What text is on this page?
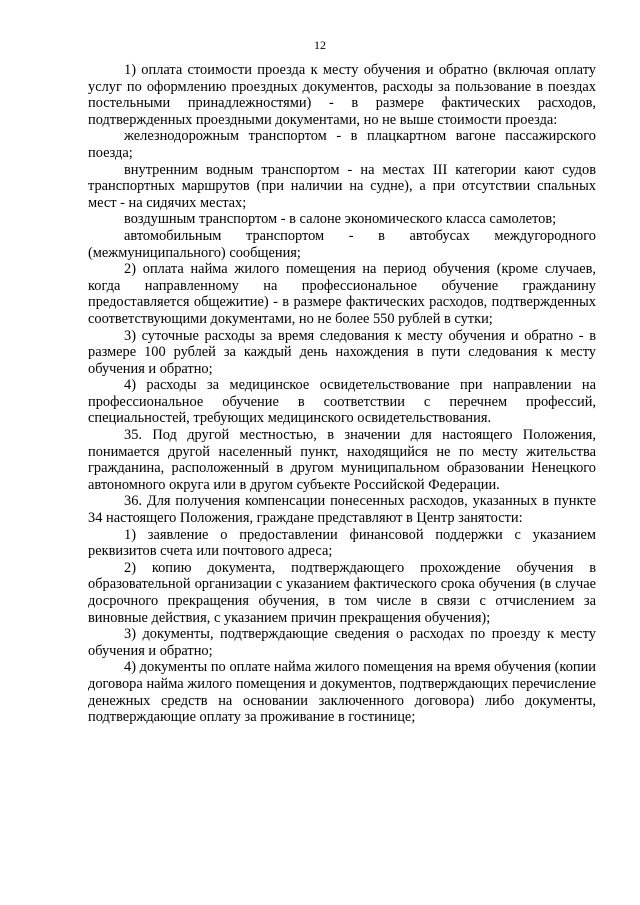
12

1) оплата стоимости проезда к месту обучения и обратно (включая оплату услуг по оформлению проездных документов, расходы за пользование в поездах постельными принадлежностями) - в размере фактических расходов, подтвержденных проездными документами, но не выше стоимости проезда:

железнодорожным транспортом - в плацкартном вагоне пассажирского поезда;

внутренним водным транспортом - на местах III категории кают судов транспортных маршрутов (при наличии на судне), а при отсутствии спальных мест - на сидячих местах;

воздушным транспортом - в салоне экономического класса самолетов;

автомобильным транспортом - в автобусах междугородного (межмуниципального) сообщения;

2) оплата найма жилого помещения на период обучения (кроме случаев, когда направленному на профессиональное обучение гражданину предоставляется общежитие) - в размере фактических расходов, подтвержденных соответствующими документами, но не более 550 рублей в сутки;

3) суточные расходы за время следования к месту обучения и обратно - в размере 100 рублей за каждый день нахождения в пути следования к месту обучения и обратно;

4) расходы за медицинское освидетельствование при направлении на профессиональное обучение в соответствии с перечнем профессий, специальностей, требующих медицинского освидетельствования.

35. Под другой местностью, в значении для настоящего Положения, понимается другой населенный пункт, находящийся не по месту жительства гражданина, расположенный в другом муниципальном образовании Ненецкого автономного округа или в другом субъекте Российской Федерации.

36. Для получения компенсации понесенных расходов, указанных в пункте 34 настоящего Положения, граждане представляют в Центр занятости:

1) заявление о предоставлении финансовой поддержки с указанием реквизитов счета или почтового адреса;

2) копию документа, подтверждающего прохождение обучения в образовательной организации с указанием фактического срока обучения (в случае досрочного прекращения обучения, в том числе в связи с отчислением за виновные действия, с указанием причин прекращения обучения);

3) документы, подтверждающие сведения о расходах по проезду к месту обучения и обратно;

4) документы по оплате найма жилого помещения на время обучения (копии договора найма жилого помещения и документов, подтверждающих перечисление денежных средств на основании заключенного договора) либо документы, подтверждающие оплату за проживание в гостинице;
